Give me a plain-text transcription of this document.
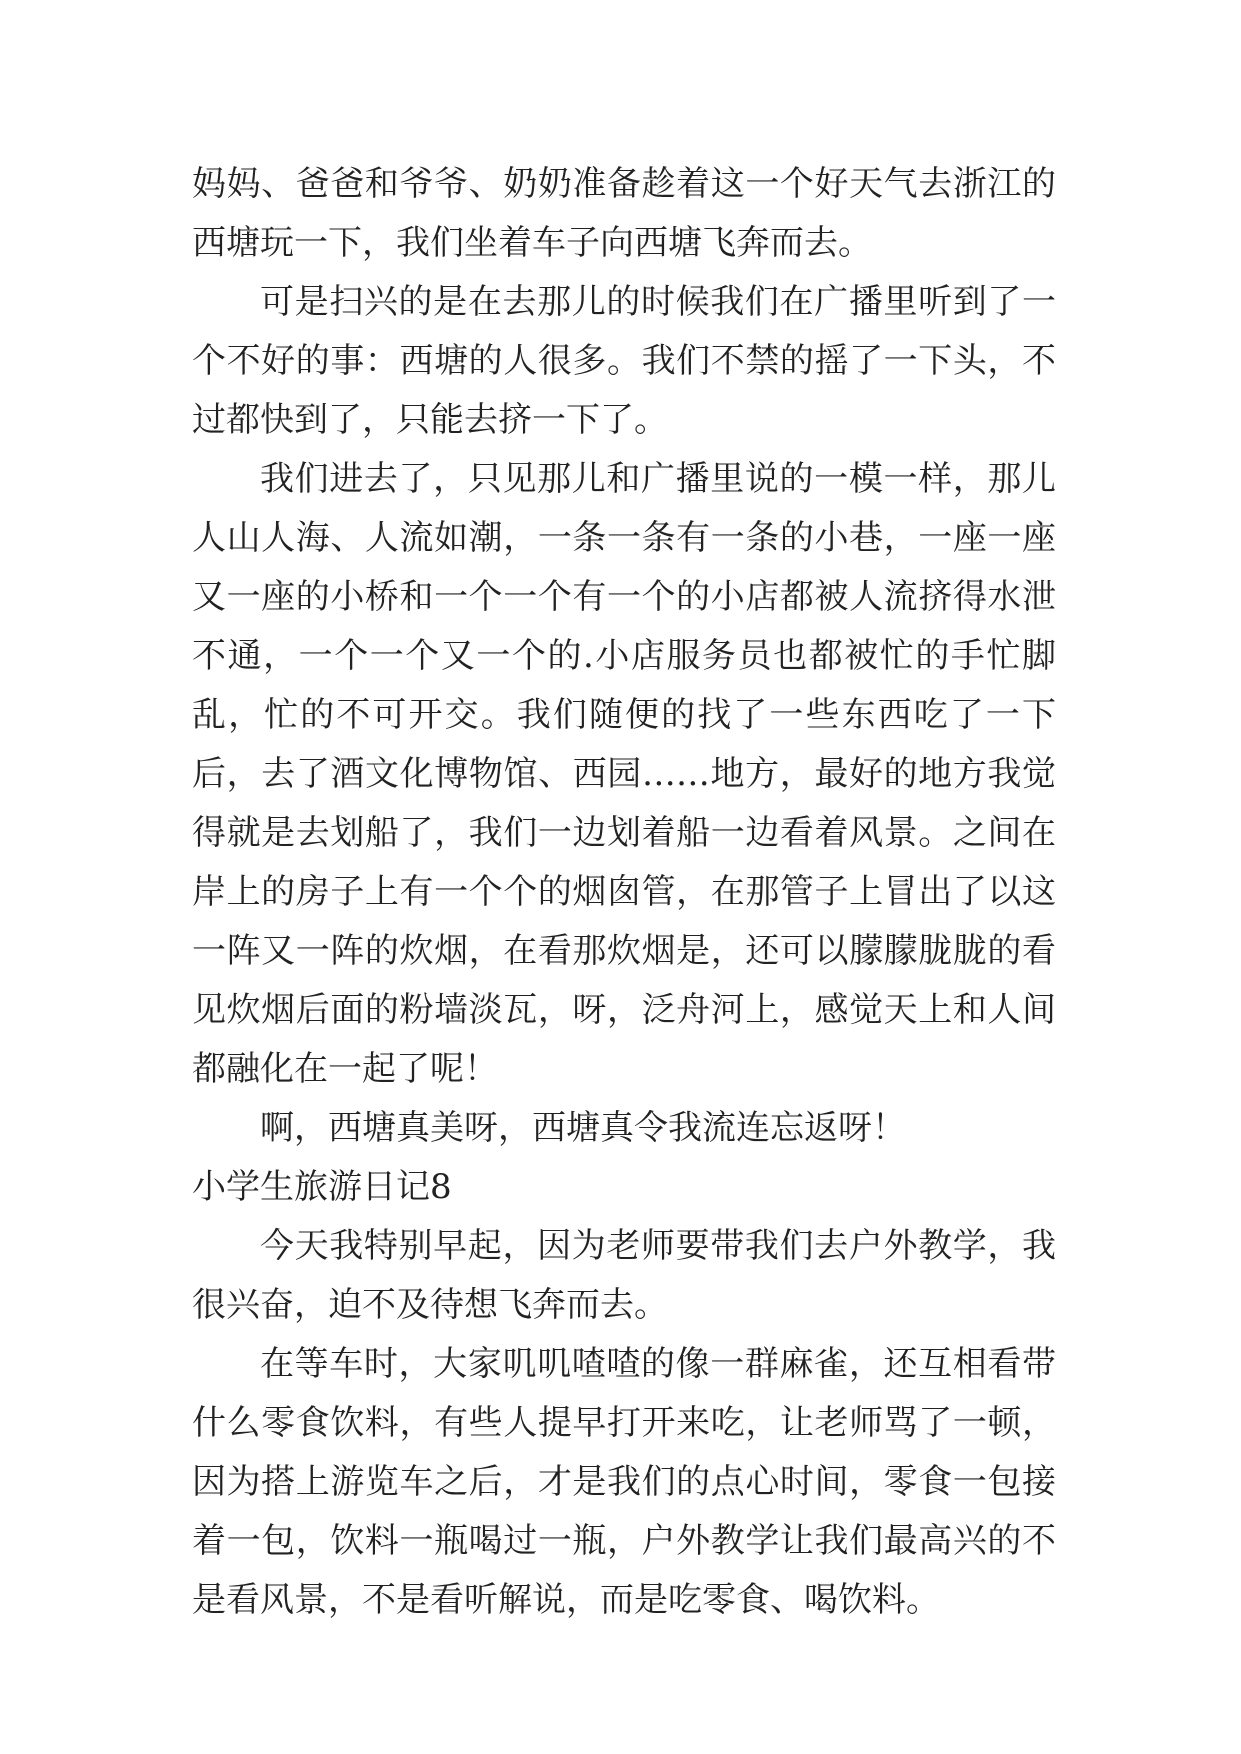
妈妈、爸爸和爷爷、奶奶准备趁着这一个好天气去浙江的西塘玩一下，我们坐着车子向西塘飞奔而去。

可是扫兴的是在去那儿的时候我们在广播里听到了一个不好的事：西塘的人很多。我们不禁的摇了一下头，不过都快到了，只能去挤一下了。

我们进去了，只见那儿和广播里说的一模一样，那儿人山人海、人流如潮，一条一条有一条的小巷，一座一座又一座的小桥和一个一个有一个的小店都被人流挤得水泄不通，一个一个又一个的.小店服务员也都被忙的手忙脚乱，忙的不可开交。我们随便的找了一些东西吃了一下后，去了酒文化博物馆、西园……地方，最好的地方我觉得就是去划船了，我们一边划着船一边看着风景。之间在岸上的房子上有一个个的烟囱管，在那管子上冒出了以这一阵又一阵的炊烟，在看那炊烟是，还可以朦朦胧胧的看见炊烟后面的粉墙淡瓦，呀，泛舟河上，感觉天上和人间都融化在一起了呢！

啊，西塘真美呀，西塘真令我流连忘返呀！

小学生旅游日记8

今天我特别早起，因为老师要带我们去户外教学，我很兴奋，迫不及待想飞奔而去。

在等车时，大家叽叽喳喳的像一群麻雀，还互相看带什么零食饮料，有些人提早打开来吃，让老师骂了一顿，因为搭上游览车之后，才是我们的点心时间，零食一包接着一包，饮料一瓶喝过一瓶，户外教学让我们最高兴的不是看风景，不是看听解说，而是吃零食、喝饮料。
